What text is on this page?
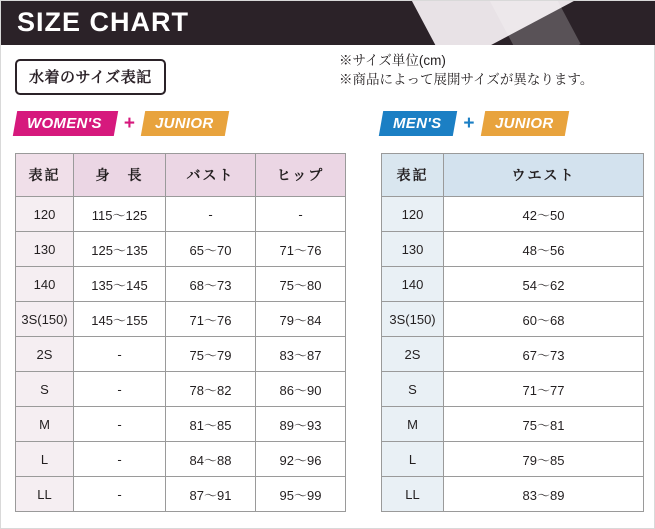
SIZE CHART
水着のサイズ表記
※サイズ単位(cm)
※商品によって展開サイズが異なります。
WOMEN'S	+	JUNIOR	MEN'S	+	JUNIOR
表記	身　長	バスト	ヒップ
120	115〜125	-	-
130	125〜135	65〜70	71〜76
140	135〜145	68〜73	75〜80
3S(150)	145〜155	71〜76	79〜84
2S	-	75〜79	83〜87
S	-	78〜82	86〜90
M	-	81〜85	89〜93
L	-	84〜88	92〜96
LL	-	87〜91	95〜99
表記	ウエスト
120	42〜50
130	48〜56
140	54〜62
3S(150)	60〜68
2S	67〜73
S	71〜77
M	75〜81
L	79〜85
LL	83〜89
